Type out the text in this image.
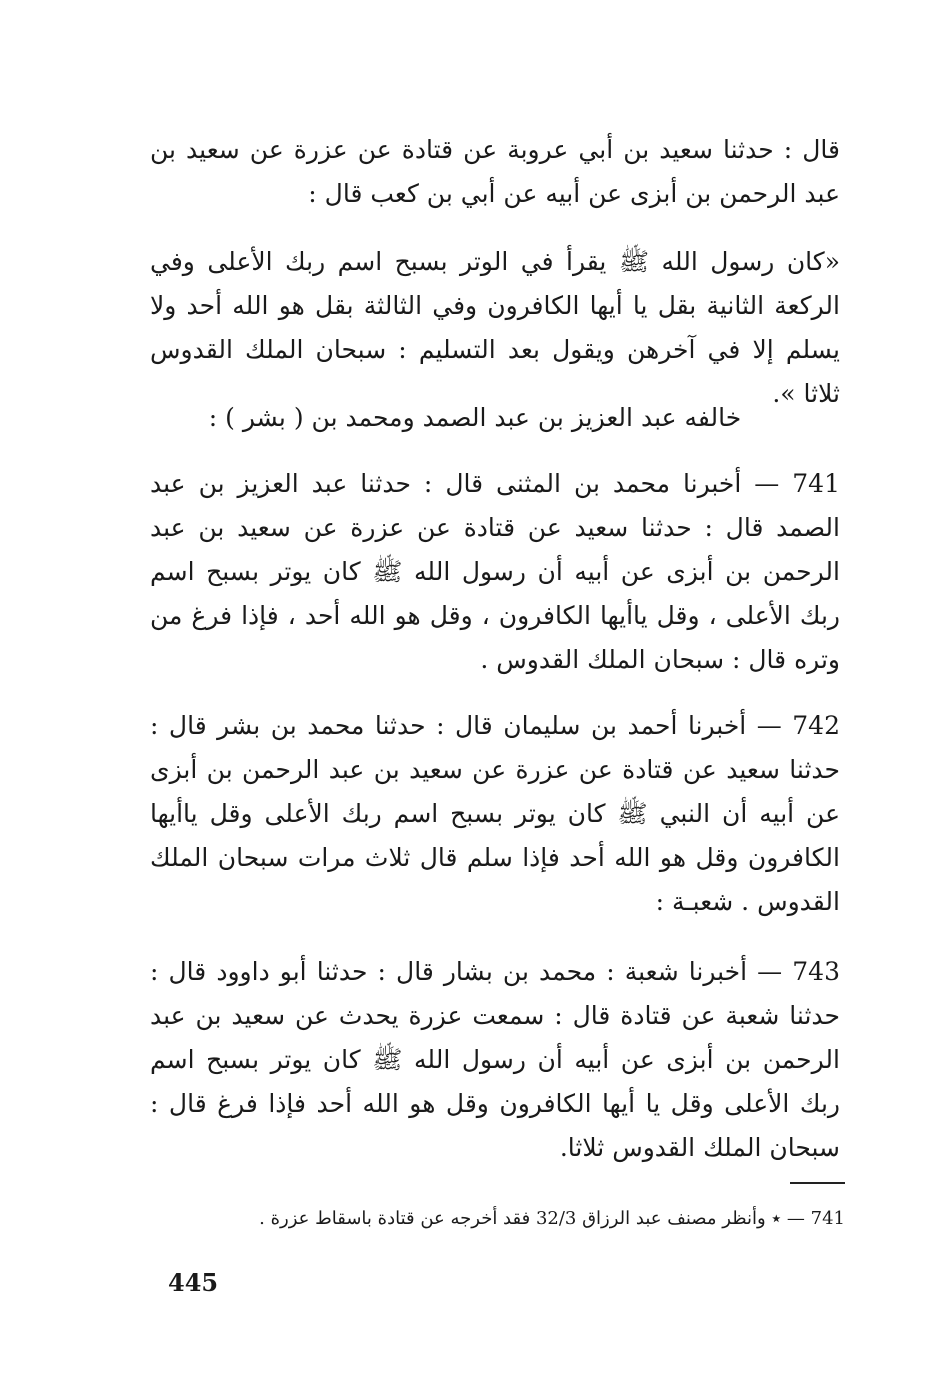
قال : حدثنا سعيد بن أبي عروبة عن قتادة عن عزرة عن سعيد بن عبد الرحمن بن أبزى عن أبيه عن أبي بن كعب قال :

«كان رسول الله ﷺ يقرأ في الوتر بسبح اسم ربك الأعلى وفي الركعة الثانية بقل يا أيها الكافرون وفي الثالثة بقل هو الله أحد ولا يسلم إلا في آخرهن ويقول بعد التسليم : سبحان الملك القدوس ثلاثا ».

خالفه عبد العزيز بن عبد الصمد ومحمد بن ( بشر ) :

741 — أخبرنا محمد بن المثنى قال : حدثنا عبد العزيز بن عبد الصمد قال : حدثنا سعيد عن قتادة عن عزرة عن سعيد بن عبد الرحمن بن أبزى عن أبيه أن رسول الله ﷺ كان يوتر بسبح اسم ربك الأعلى ، وقل ياأيها الكافرون ، وقل هو الله أحد ، فإذا فرغ من وتره قال : سبحان الملك القدوس .

742 — أخبرنا أحمد بن سليمان قال : حدثنا محمد بن بشر قال : حدثنا سعيد عن قتادة عن عزرة عن سعيد بن عبد الرحمن بن أبزى عن أبيه أن النبي ﷺ كان يوتر بسبح اسم ربك الأعلى وقل ياأيها الكافرون وقل هو الله أحد فإذا سلم قال ثلاث مرات سبحان الملك القدوس . شعبـة :

743 — أخبرنا شعبة : محمد بن بشار قال : حدثنا أبو داوود قال : حدثنا شعبة عن قتادة قال : سمعت عزرة يحدث عن سعيد بن عبد الرحمن بن أبزى عن أبيه أن رسول الله ﷺ كان يوتر بسبح اسم ربك الأعلى وقل يا أيها الكافرون وقل هو الله أحد فإذا فرغ قال : سبحان الملك القدوس ثلاثا.

741 — ٭ وأنظر مصنف عبد الرزاق 32/3 فقد أخرجه عن قتادة باسقاط عزرة .

445
